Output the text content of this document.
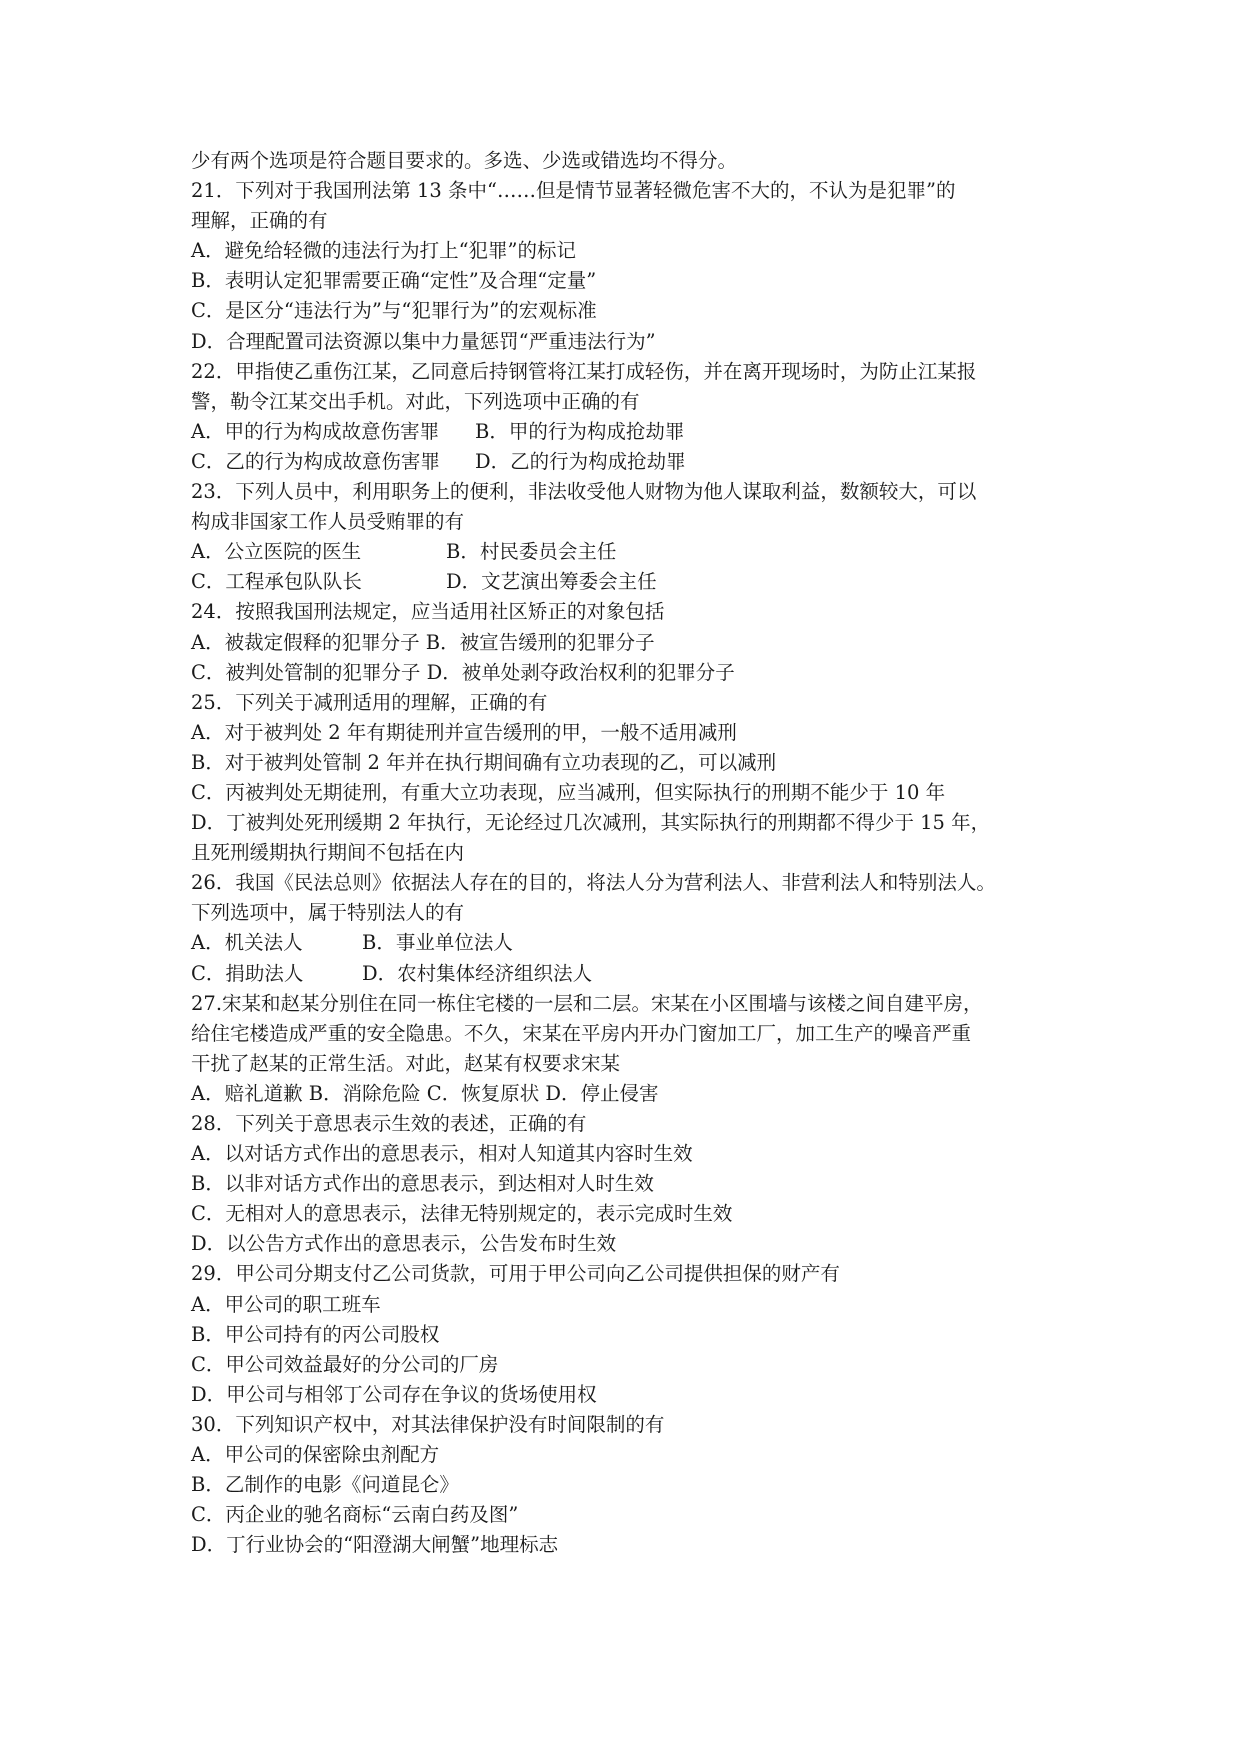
少有两个选项是符合题目要求的。多选、少选或错选均不得分。
21．下列对于我国刑法第 13 条中“……但是情节显著轻微危害不大的，不认为是犯罪”的
理解，正确的有
A．避免给轻微的违法行为打上“犯罪”的标记
B．表明认定犯罪需要正确“定性”及合理“定量”
C．是区分“违法行为”与“犯罪行为”的宏观标准
D．合理配置司法资源以集中力量惩罚“严重违法行为”
22．甲指使乙重伤江某，乙同意后持钢管将江某打成轻伤，并在离开现场时，为防止江某报
警，勒令江某交出手机。对此，下列选项中正确的有
A．甲的行为构成故意伤害罪	B．甲的行为构成抢劫罪
C．乙的行为构成故意伤害罪	D．乙的行为构成抢劫罪
23．下列人员中，利用职务上的便利，非法收受他人财物为他人谋取利益，数额较大，可以
构成非国家工作人员受贿罪的有
A．公立医院的医生	B．村民委员会主任
C．工程承包队队长	D．文艺演出筹委会主任
24．按照我国刑法规定，应当适用社区矫正的对象包括
A．被裁定假释的犯罪分子 B．被宣告缓刑的犯罪分子
C．被判处管制的犯罪分子 D．被单处剥夺政治权利的犯罪分子
25．下列关于减刑适用的理解，正确的有
A．对于被判处 2 年有期徒刑并宣告缓刑的甲，一般不适用减刑
B．对于被判处管制 2 年并在执行期间确有立功表现的乙，可以减刑
C．丙被判处无期徒刑，有重大立功表现，应当减刑，但实际执行的刑期不能少于 10 年
D．丁被判处死刑缓期 2 年执行，无论经过几次减刑，其实际执行的刑期都不得少于 15 年，
且死刑缓期执行期间不包括在内
26．我国《民法总则》依据法人存在的目的，将法人分为营利法人、非营利法人和特别法人。
下列选项中，属于特别法人的有
A．机关法人	B．事业单位法人
C．捐助法人	D．农村集体经济组织法人
27.宋某和赵某分别住在同一栋住宅楼的一层和二层。宋某在小区围墙与该楼之间自建平房，
给住宅楼造成严重的安全隐患。不久，宋某在平房内开办门窗加工厂，加工生产的噪音严重
干扰了赵某的正常生活。对此，赵某有权要求宋某
A．赔礼道歉 B．消除危险 C．恢复原状 D．停止侵害
28．下列关于意思表示生效的表述，正确的有
A．以对话方式作出的意思表示，相对人知道其内容时生效
B．以非对话方式作出的意思表示，到达相对人时生效
C．无相对人的意思表示，法律无特别规定的，表示完成时生效
D．以公告方式作出的意思表示，公告发布时生效
29．甲公司分期支付乙公司货款，可用于甲公司向乙公司提供担保的财产有
A．甲公司的职工班车
B．甲公司持有的丙公司股权
C．甲公司效益最好的分公司的厂房
D．甲公司与相邻丁公司存在争议的货场使用权
30．下列知识产权中，对其法律保护没有时间限制的有
A．甲公司的保密除虫剂配方
B．乙制作的电影《问道昆仑》
C．丙企业的驰名商标“云南白药及图”
D．丁行业协会的“阳澄湖大闸蟹”地理标志
